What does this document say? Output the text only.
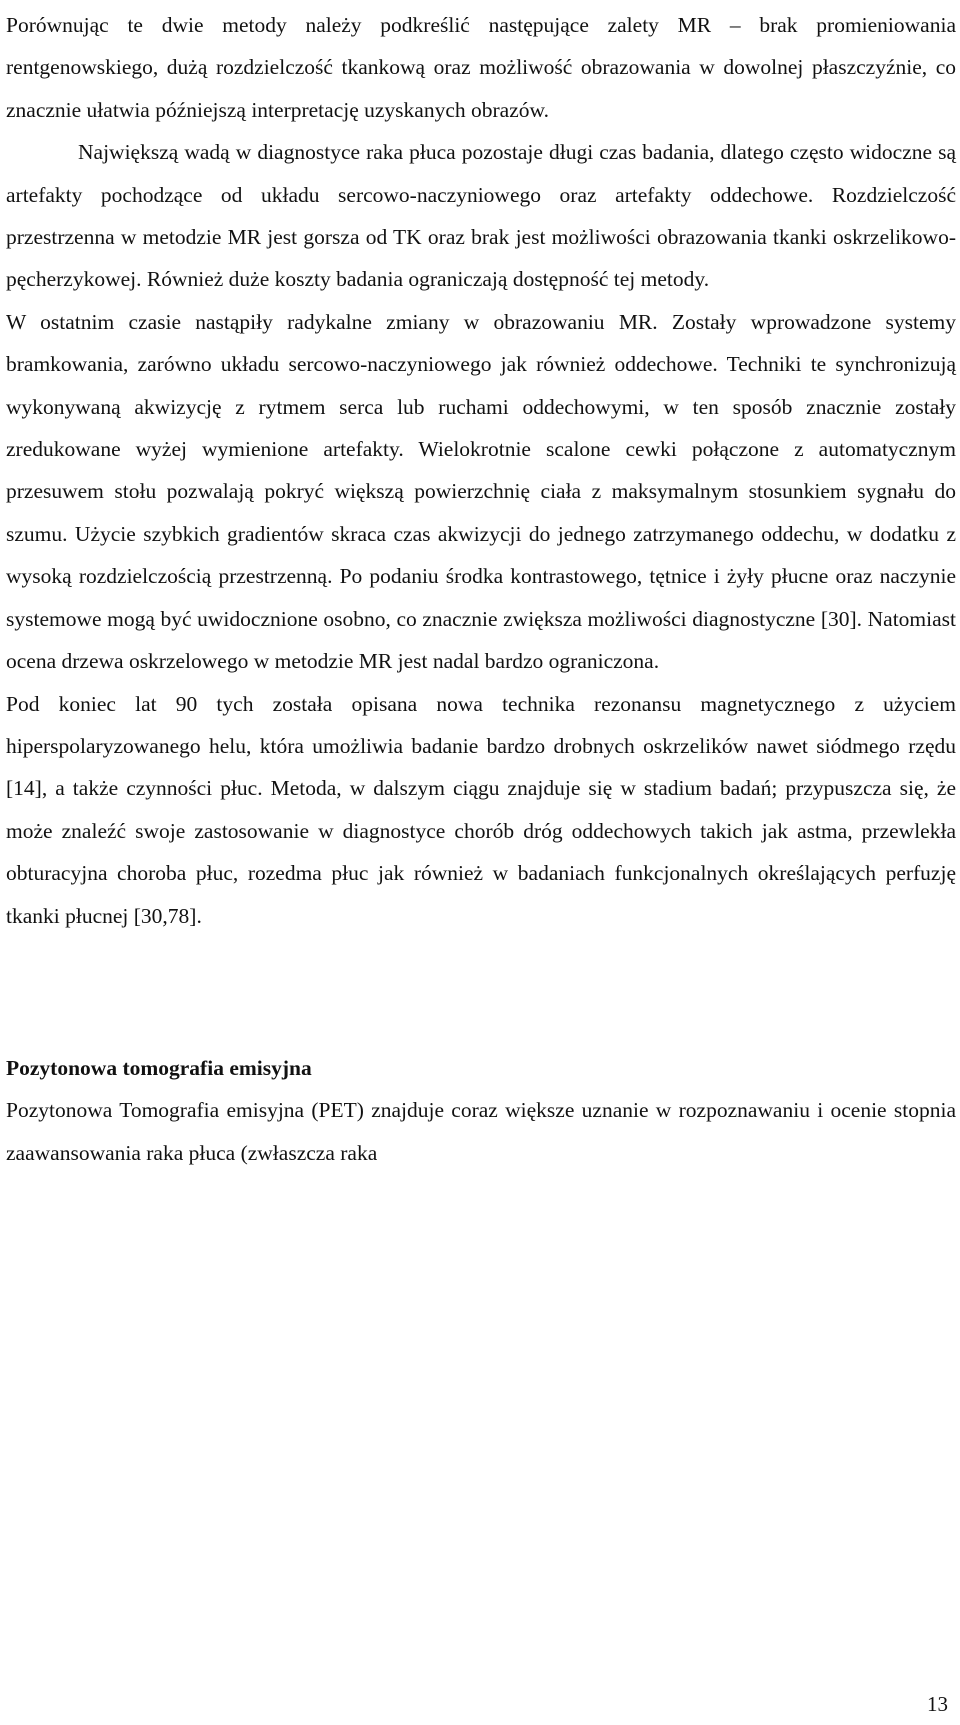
Porównując te dwie metody należy podkreślić następujące zalety MR – brak promieniowania rentgenowskiego, dużą rozdzielczość tkankową oraz możliwość obrazowania w dowolnej płaszczyźnie, co znacznie ułatwia późniejszą interpretację uzyskanych obrazów.

Największą wadą w diagnostyce raka płuca pozostaje długi czas badania, dlatego często widoczne są artefakty pochodzące od układu sercowo-naczyniowego oraz artefakty oddechowe. Rozdzielczość przestrzenna w metodzie MR jest gorsza od TK oraz brak jest możliwości obrazowania tkanki oskrzelikowo-pęcherzykowej. Również duże koszty badania ograniczają dostępność tej metody.

W ostatnim czasie nastąpiły radykalne zmiany w obrazowaniu MR. Zostały wprowadzone systemy bramkowania, zarówno układu sercowo-naczyniowego jak również oddechowe. Techniki te synchronizują wykonywaną akwizycję z rytmem serca lub ruchami oddechowymi, w ten sposób znacznie zostały zredukowane wyżej wymienione artefakty. Wielokrotnie scalone cewki połączone z automatycznym przesuwem stołu pozwalają pokryć większą powierzchnię ciała z maksymalnym stosunkiem sygnału do szumu. Użycie szybkich gradientów skraca czas akwizycji do jednego zatrzymanego oddechu, w dodatku z wysoką rozdzielczością przestrzenną. Po podaniu środka kontrastowego, tętnice i żyły płucne oraz naczynie systemowe mogą być uwidocznione osobno, co znacznie zwiększa możliwości diagnostyczne [30]. Natomiast ocena drzewa oskrzelowego w metodzie MR jest nadal bardzo ograniczona.

Pod koniec lat 90 tych została opisana nowa technika rezonansu magnetycznego z użyciem hiperspolaryzowanego helu, która umożliwia badanie bardzo drobnych oskrzelików nawet siódmego rzędu [14], a także czynności płuc. Metoda, w dalszym ciągu znajduje się w stadium badań; przypuszcza się, że może znaleźć swoje zastosowanie w diagnostyce chorób dróg oddechowych takich jak astma, przewlekła obturacyjna choroba płuc, rozedma płuc jak również w badaniach funkcjonalnych określających perfuzję tkanki płucnej [30,78].

Pozytonowa tomografia emisyjna

Pozytonowa Tomografia emisyjna (PET) znajduje coraz większe uznanie w rozpoznawaniu i ocenie stopnia zaawansowania raka płuca (zwłaszcza raka

13
